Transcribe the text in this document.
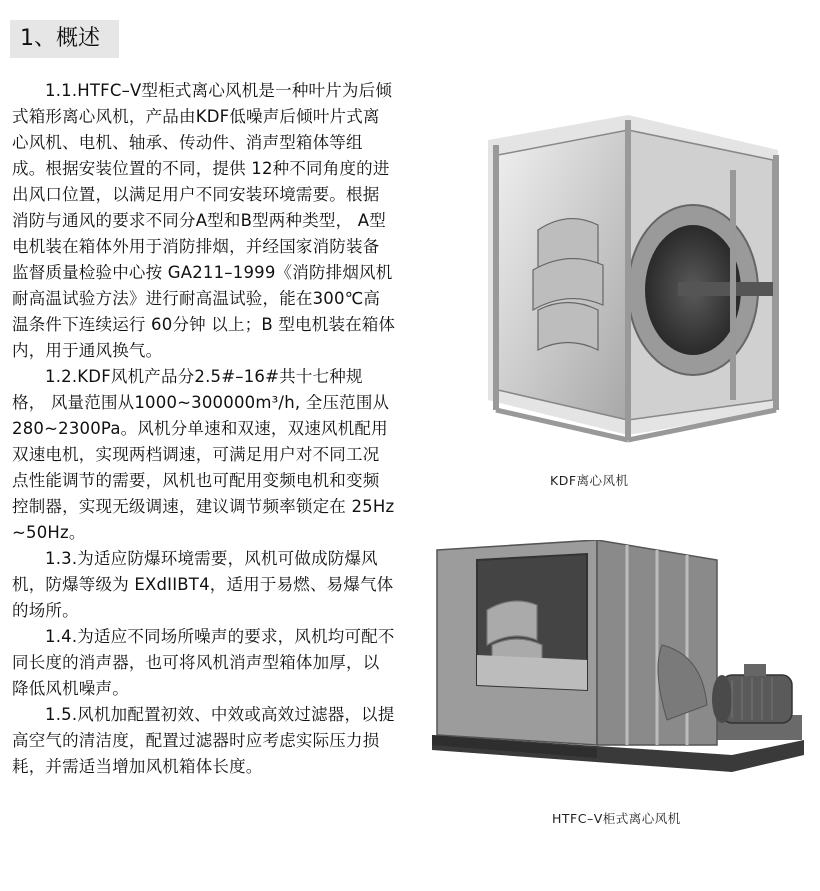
1、概述

1.1.HTFC–V型柜式离心风机是一种叶片为后倾式箱形离心风机，产品由KDF低噪声后倾叶片式离心风机、电机、轴承、传动件、消声型箱体等组成。根据安装位置的不同，提供 12种不同角度的进出风口位置，以满足用户不同安装环境需要。根据消防与通风的要求不同分A型和B型两种类型， A型电机装在箱体外用于消防排烟，并经国家消防装备监督质量检验中心按 GA211–1999《消防排烟风机耐高温试验方法》进行耐高温试验，能在300℃高温条件下连续运行 60分钟 以上；B 型电机装在箱体内，用于通风换气。

1.2.KDF风机产品分2.5#–16#共十七种规格， 风量范围从1000~300000m³/h, 全压范围从280~2300Pa。风机分单速和双速，双速风机配用双速电机，实现两档调速，可满足用户对不同工况点性能调节的需要，风机也可配用变频电机和变频控制器，实现无级调速，建议调节频率锁定在 25Hz~50Hz。

1.3.为适应防爆环境需要，风机可做成防爆风机，防爆等级为 EXdIIBT4，适用于易燃、易爆气体的场所。

1.4.为适应不同场所噪声的要求，风机均可配不同长度的消声器，也可将风机消声型箱体加厚，以降低风机噪声。

1.5.风机加配置初效、中效或高效过滤器，以提高空气的清洁度，配置过滤器时应考虑实际压力损耗，并需适当增加风机箱体长度。

KDF离心风机
HTFC–V柜式离心风机
